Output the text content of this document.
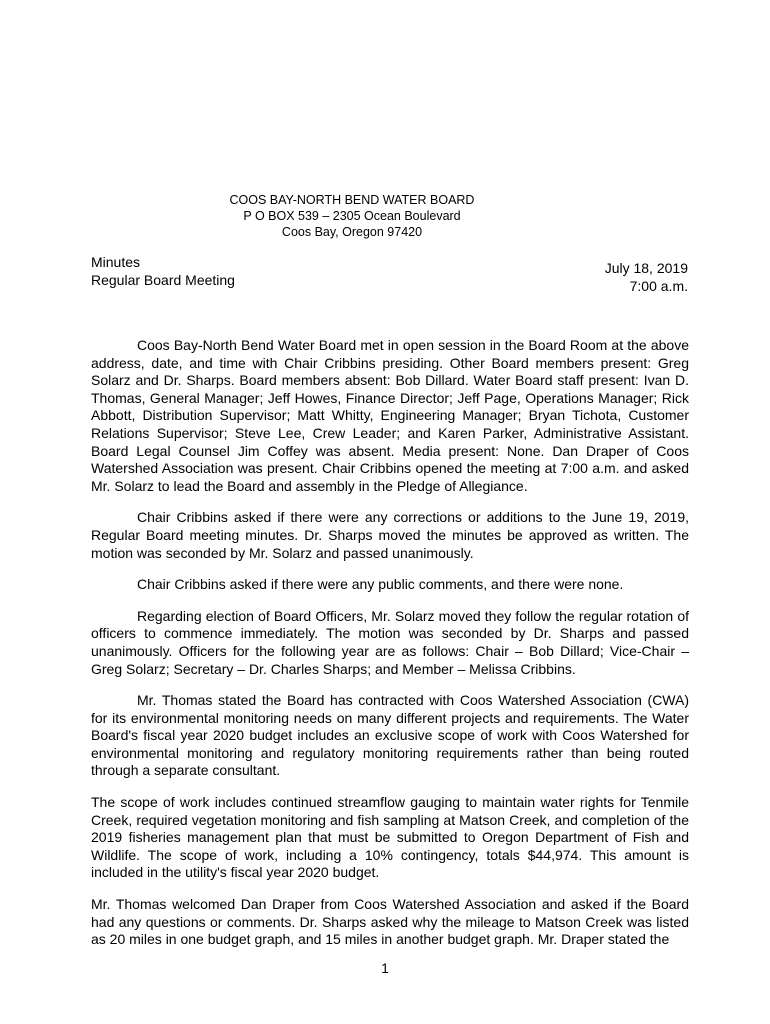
COOS BAY-NORTH BEND WATER BOARD
P O BOX 539 – 2305 Ocean Boulevard
Coos Bay, Oregon 97420
Minutes
Regular Board Meeting
July 18, 2019
7:00 a.m.

Coos Bay-North Bend Water Board met in open session in the Board Room at the above address, date, and time with Chair Cribbins presiding. Other Board members present: Greg Solarz and Dr. Sharps. Board members absent: Bob Dillard. Water Board staff present: Ivan D. Thomas, General Manager; Jeff Howes, Finance Director; Jeff Page, Operations Manager; Rick Abbott, Distribution Supervisor; Matt Whitty, Engineering Manager; Bryan Tichota, Customer Relations Supervisor; Steve Lee, Crew Leader; and Karen Parker, Administrative Assistant. Board Legal Counsel Jim Coffey was absent. Media present: None. Dan Draper of Coos Watershed Association was present. Chair Cribbins opened the meeting at 7:00 a.m. and asked Mr. Solarz to lead the Board and assembly in the Pledge of Allegiance.

Chair Cribbins asked if there were any corrections or additions to the June 19, 2019, Regular Board meeting minutes. Dr. Sharps moved the minutes be approved as written. The motion was seconded by Mr. Solarz and passed unanimously.

Chair Cribbins asked if there were any public comments, and there were none.

Regarding election of Board Officers, Mr. Solarz moved they follow the regular rotation of officers to commence immediately. The motion was seconded by Dr. Sharps and passed unanimously. Officers for the following year are as follows: Chair – Bob Dillard; Vice-Chair – Greg Solarz; Secretary – Dr. Charles Sharps; and Member – Melissa Cribbins.

Mr. Thomas stated the Board has contracted with Coos Watershed Association (CWA) for its environmental monitoring needs on many different projects and requirements. The Water Board's fiscal year 2020 budget includes an exclusive scope of work with Coos Watershed for environmental monitoring and regulatory monitoring requirements rather than being routed through a separate consultant.

The scope of work includes continued streamflow gauging to maintain water rights for Tenmile Creek, required vegetation monitoring and fish sampling at Matson Creek, and completion of the 2019 fisheries management plan that must be submitted to Oregon Department of Fish and Wildlife. The scope of work, including a 10% contingency, totals $44,974. This amount is included in the utility's fiscal year 2020 budget.

Mr. Thomas welcomed Dan Draper from Coos Watershed Association and asked if the Board had any questions or comments. Dr. Sharps asked why the mileage to Matson Creek was listed as 20 miles in one budget graph, and 15 miles in another budget graph. Mr. Draper stated the

1
